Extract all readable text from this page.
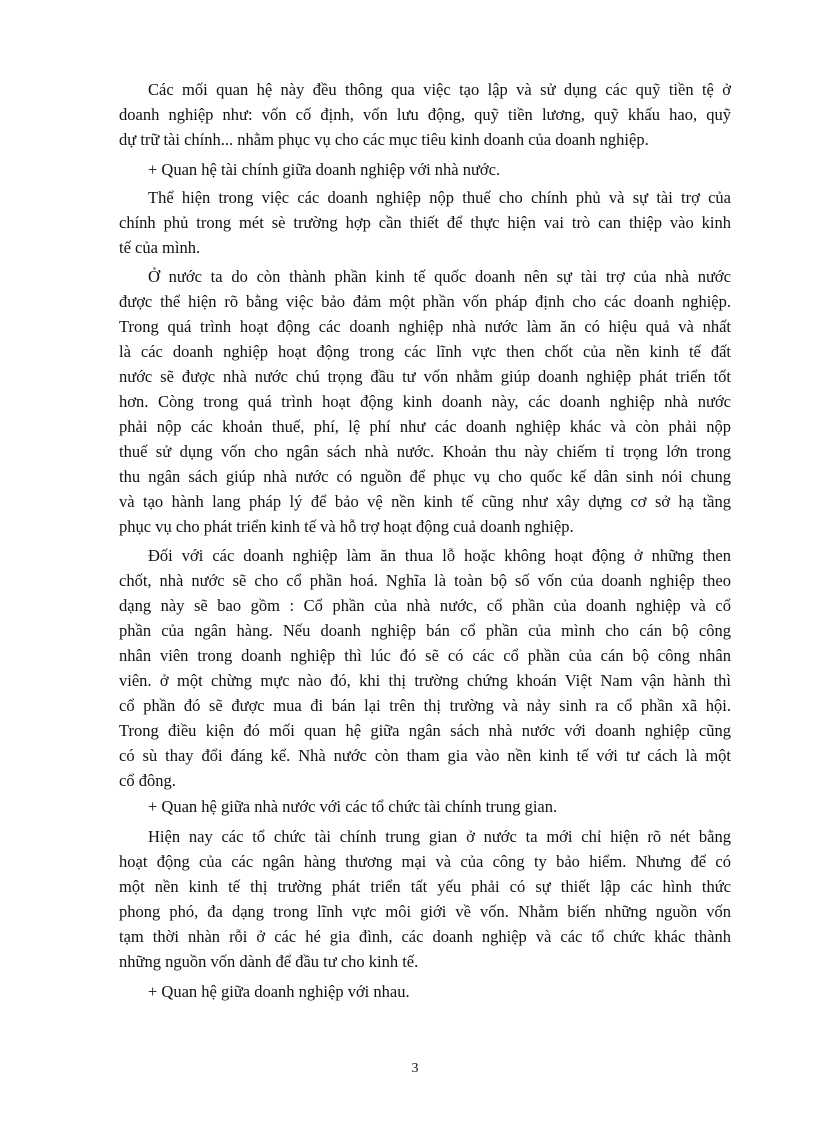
Các mối quan hệ này đều thông qua việc tạo lập và sử dụng các quỹ tiền tệ ở
doanh nghiệp như: vốn cố định, vốn lưu động, quỹ tiền lương, quỹ khấu hao, quỹ
dự trữ tài chính... nhằm phục vụ cho các mục tiêu kinh doanh của doanh nghiệp.
+ Quan hệ tài chính giữa doanh nghiệp với nhà nước.
Thể hiện trong việc các doanh nghiệp nộp thuế cho chính phủ và sự tài trợ của
chính phủ trong mét sè trường hợp cần thiết để thực hiện vai trò can thiệp vào kinh
tế của mình.
Ở nước ta do còn thành phần kinh tế quốc doanh nên sự tài trợ của nhà nước
được thể hiện rõ bằng việc bảo đảm một phần vốn pháp định cho các doanh nghiệp.
Trong quá trình hoạt động các doanh nghiệp nhà nước làm ăn có hiệu quả và nhất
là các doanh nghiệp hoạt động trong các lĩnh vực then chốt của nền kinh tế đất
nước sẽ được nhà nước chú trọng đầu tư vốn nhằm giúp doanh nghiệp phát triển tốt
hơn. Còng trong quá trình hoạt động kinh doanh này, các doanh nghiệp nhà nước
phải nộp các khoản thuế, phí, lệ phí như các doanh nghiệp khác và còn phải nộp
thuế sử dụng vốn cho ngân sách nhà nước. Khoản thu này chiếm tỉ trọng lớn trong
thu ngân sách giúp nhà nước có nguồn để phục vụ cho quốc kế dân sinh nói chung
và tạo hành lang pháp lý để bảo vệ nền kinh tế cũng như xây dựng cơ sở hạ tầng
phục vụ cho phát triển kinh tế và hỗ trợ hoạt động cuả doanh nghiệp.
Đối với các doanh nghiệp làm ăn thua lỗ hoặc không hoạt động ở những then
chốt, nhà nước sẽ cho cổ phần hoá. Nghĩa là toàn bộ số vốn của doanh nghiệp theo
dạng này sẽ bao gồm : Cổ phần của nhà nước, cổ phần của doanh nghiệp và cổ
phần của ngân hàng. Nếu doanh nghiệp bán cổ phần của mình cho cán bộ công
nhân viên trong doanh nghiệp thì lúc đó sẽ có các cổ phần của cán bộ công nhân
viên. ở một chừng mực nào đó, khi thị trường chứng khoán Việt Nam vận hành thì
cổ phần đó sẽ được mua đi bán lại trên thị trường và nảy sinh ra cổ phần xã hội.
Trong điều kiện đó mối quan hệ giữa ngân sách nhà nước với doanh nghiệp cũng
có sù thay đổi đáng kể. Nhà nước còn tham gia vào nền kinh tế với tư cách là một
cổ đông.
+ Quan hệ giữa nhà nước với các tổ chức tài chính trung gian.
Hiện nay các tổ chức tài chính trung gian ở nước ta mới chỉ hiện rõ nét bằng
hoạt động của các ngân hàng thương mại và của công ty bảo hiểm. Nhưng để có
một nền kinh tế thị trường phát triển tất yếu phải có sự thiết lập các hình thức
phong phó, đa dạng trong lĩnh vực môi giới về vốn. Nhằm biến những nguồn vốn
tạm thời nhàn rỗi ở các hé gia đình, các doanh nghiệp và các tổ chức khác thành
những nguồn vốn dành để đầu tư cho kinh tế.
+ Quan hệ giữa doanh nghiệp với nhau.
3
